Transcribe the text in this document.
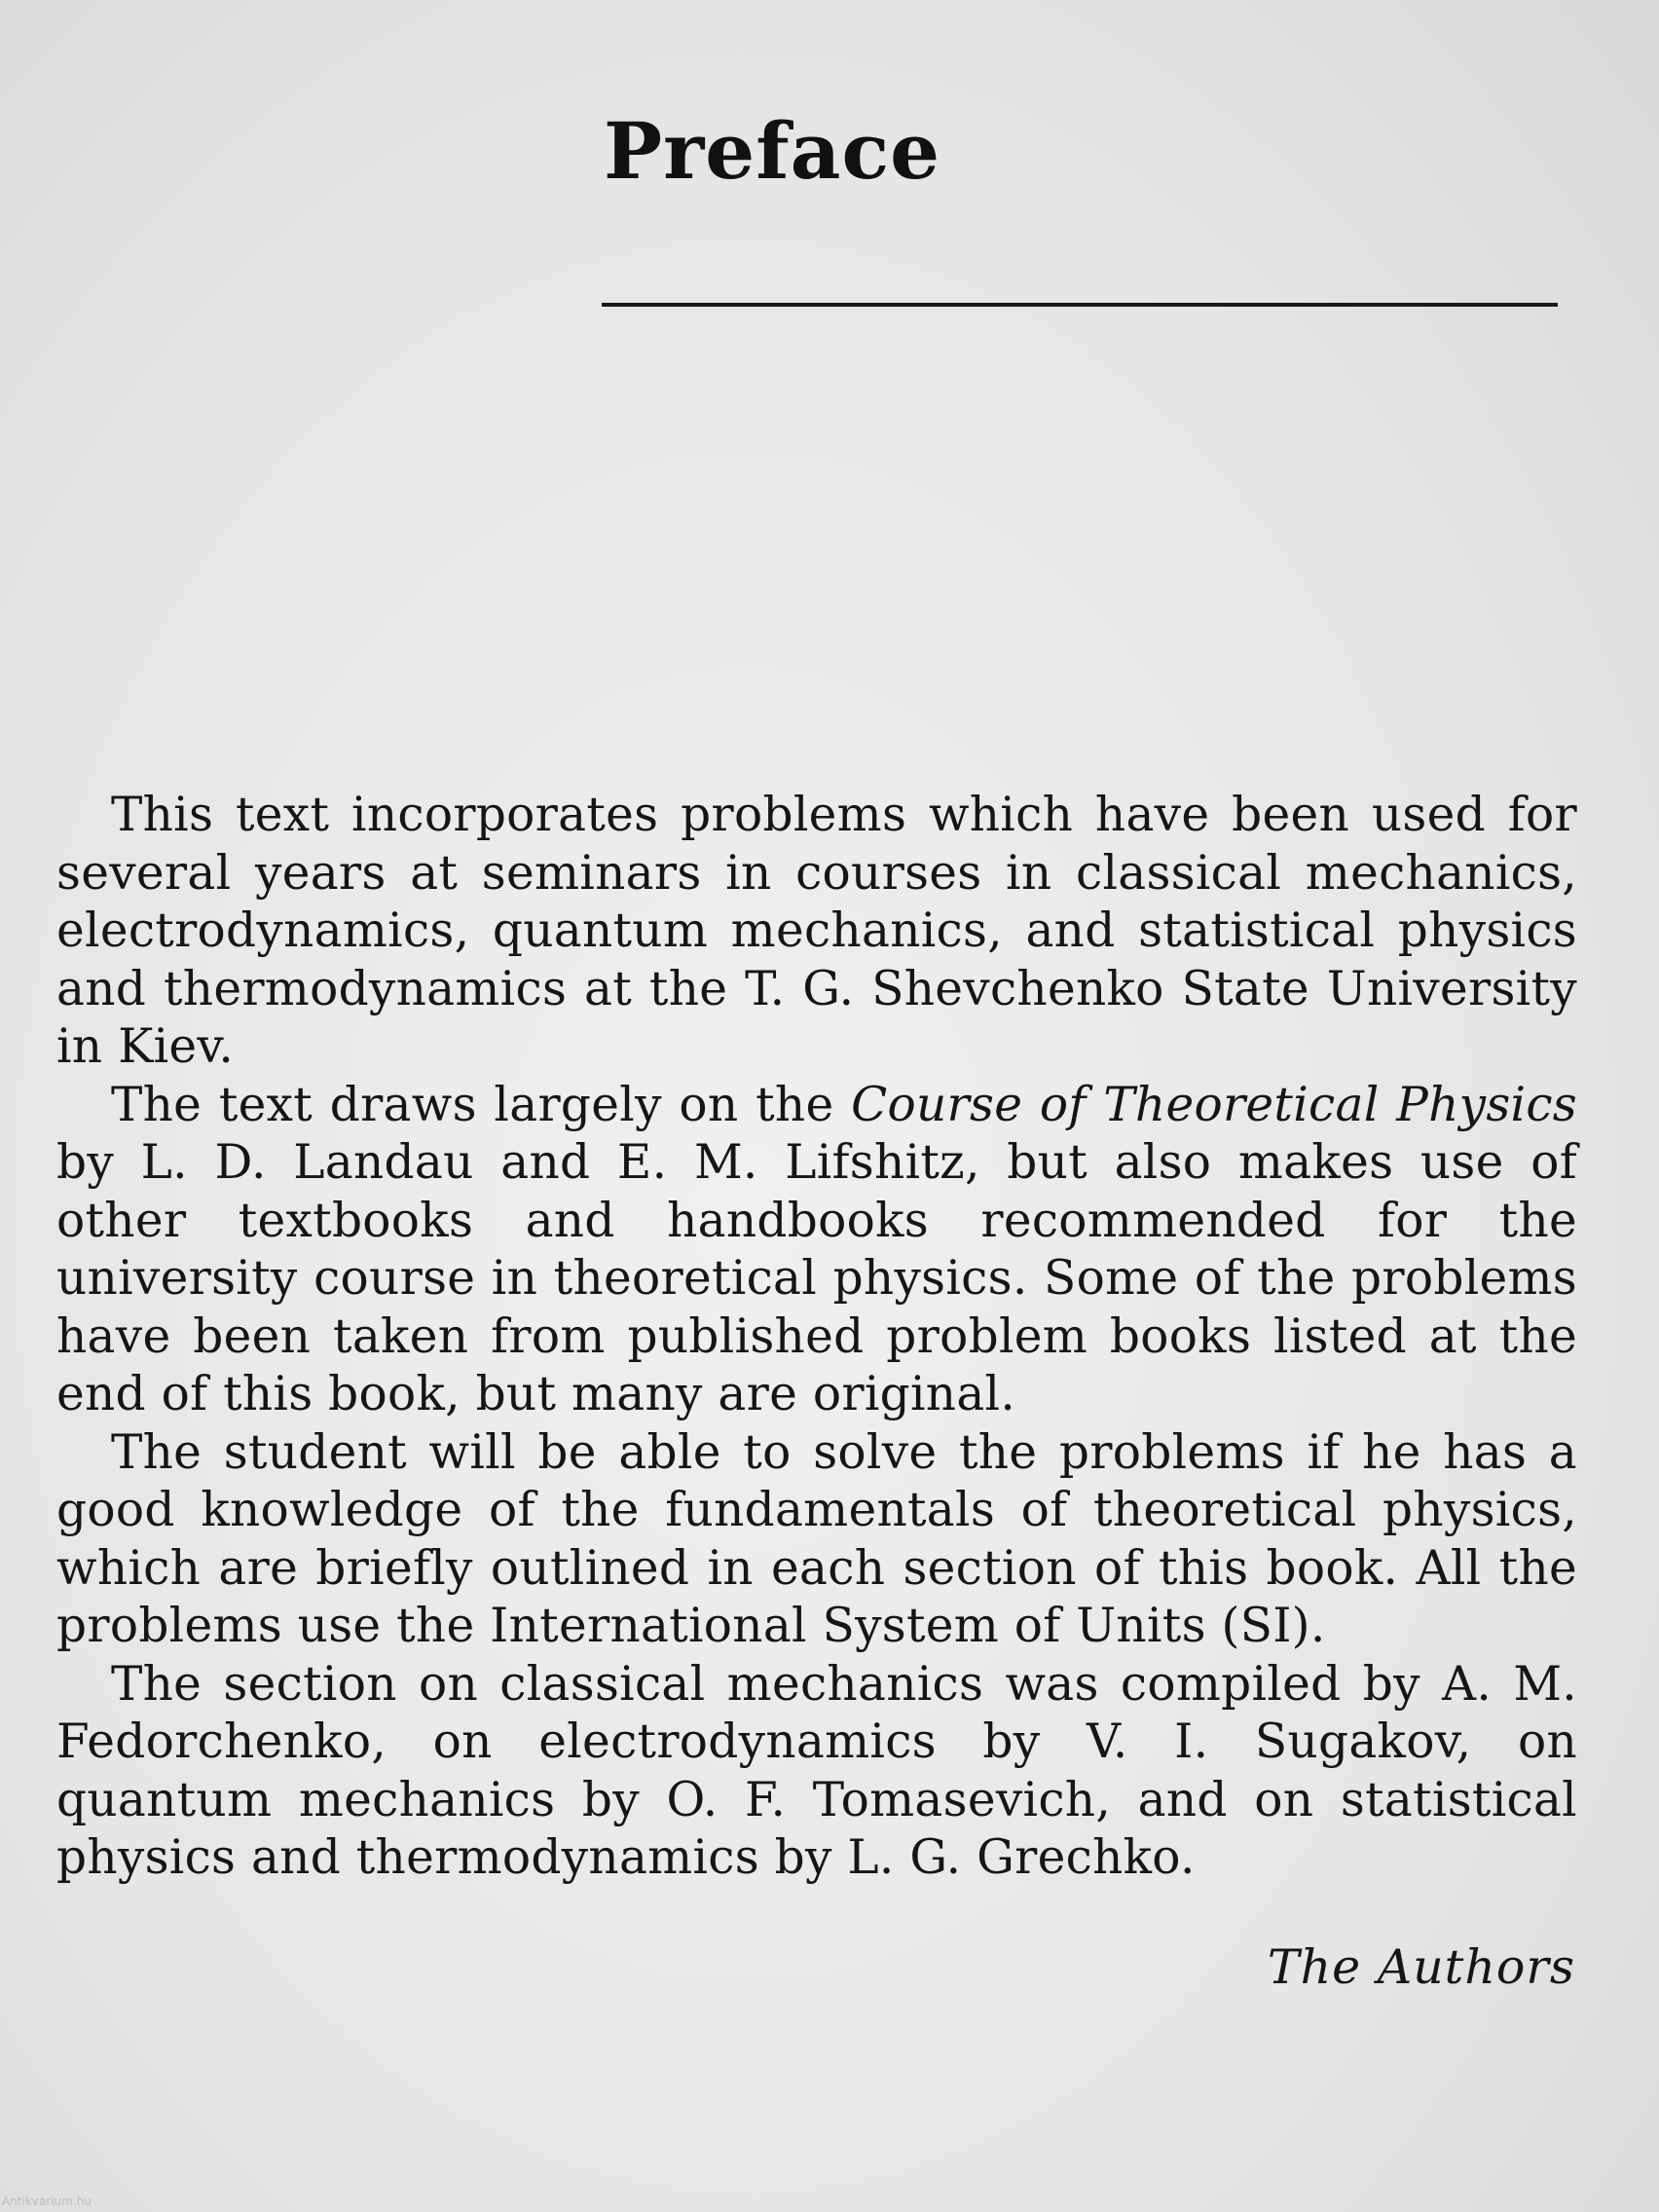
Preface

This text incorporates problems which have been used for several years at seminars in courses in classical mechanics, electrodynamics, quantum mechanics, and statistical physics and thermodynamics at the T. G. Shevchenko State University in Kiev.

The text draws largely on the Course of Theoretical Physics by L. D. Landau and E. M. Lifshitz, but also makes use of other textbooks and handbooks recommended for the university course in theoretical physics. Some of the problems have been taken from published problem books listed at the end of this book, but many are original.

The student will be able to solve the problems if he has a good knowledge of the fundamentals of theoretical physics, which are briefly outlined in each section of this book. All the problems use the International System of Units (SI).

The section on classical mechanics was compiled by A. M. Fedorchenko, on electrodynamics by V. I. Sugakov, on quantum mechanics by O. F. Tomasevich, and on statistical physics and thermodynamics by L. G. Grechko.

The Authors

Antikvarium.hu
